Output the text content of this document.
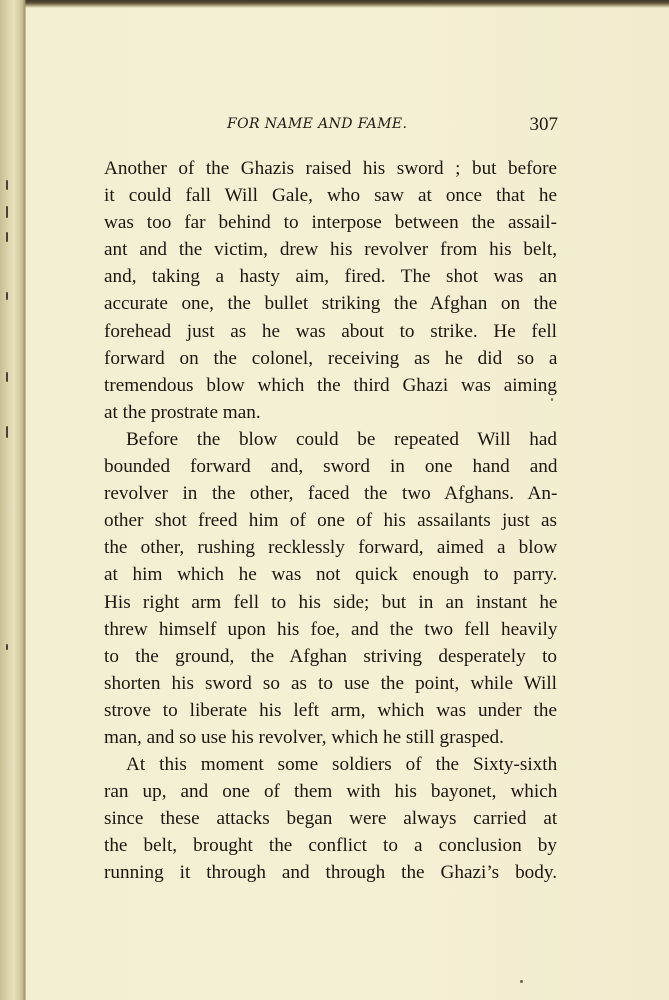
FOR NAME AND FAME.	307
Another of the Ghazis raised his sword ; but before
it could fall Will Gale, who saw at once that he
was too far behind to interpose between the assail-
ant and the victim, drew his revolver from his belt,
and, taking a hasty aim, fired. The shot was an
accurate one, the bullet striking the Afghan on the
forehead just as he was about to strike. He fell
forward on the colonel, receiving as he did so a
tremendous blow which the third Ghazi was aiming
at the prostrate man.
Before the blow could be repeated Will had
bounded forward and, sword in one hand and
revolver in the other, faced the two Afghans. An-
other shot freed him of one of his assailants just as
the other, rushing recklessly forward, aimed a blow
at him which he was not quick enough to parry.
His right arm fell to his side; but in an instant he
threw himself upon his foe, and the two fell heavily
to the ground, the Afghan striving desperately to
shorten his sword so as to use the point, while Will
strove to liberate his left arm, which was under the
man, and so use his revolver, which he still grasped.
At this moment some soldiers of the Sixty-sixth
ran up, and one of them with his bayonet, which
since these attacks began were always carried at
the belt, brought the conflict to a conclusion by
running it through and through the Ghazi’s body.
